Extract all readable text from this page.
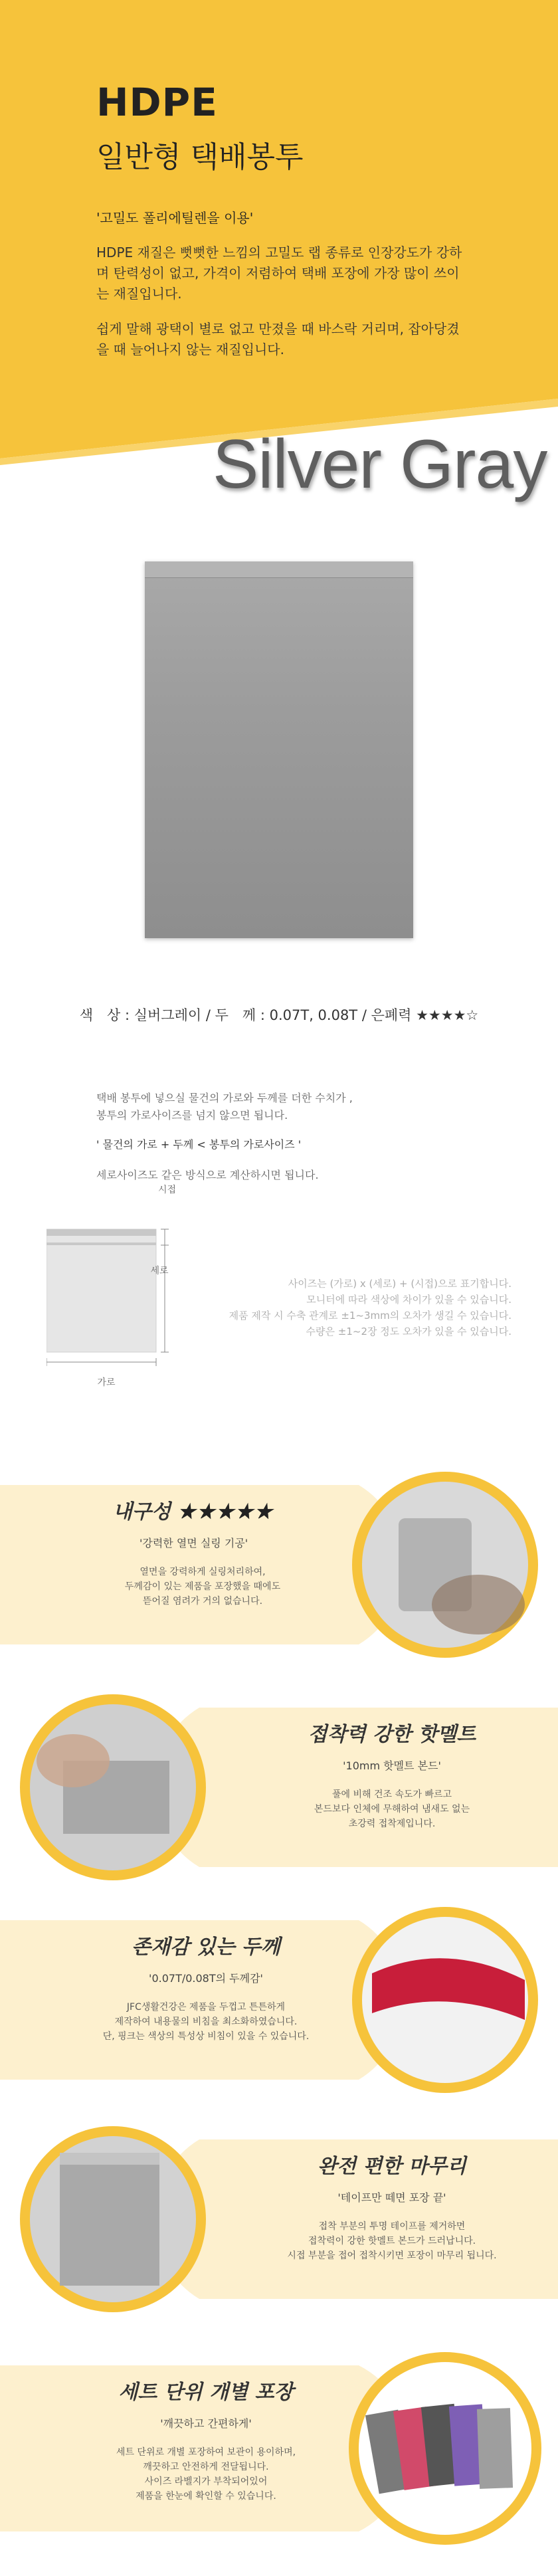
HDPE
일반형 택배봉투
'고밀도 폴리에틸렌을 이용'
HDPE 재질은 뻣뻣한 느낌의 고밀도 랩 종류로 인장강도가 강하며 탄력성이 없고, 가격이 저렴하여 택배 포장에 가장 많이 쓰이는 재질입니다.
쉽게 말해 광택이 별로 없고 만졌을 때 바스락 거리며, 잡아당겼을 때 늘어나지 않는 재질입니다.
Silver Gray
색　상 : 실버그레이 / 두　께 : 0.07T, 0.08T / 은폐력 ★★★★☆
택배 봉투에 넣으실 물건의 가로와 두께를 더한 수치가 ,
봉투의 가로사이즈를 넘지 않으면 됩니다.
' 물건의 가로 + 두께 < 봉투의 가로사이즈 '
세로사이즈도 같은 방식으로 계산하시면 됩니다.
시접
세로
가로
사이즈는 (가로) x (세로) + (시접)으로 표기합니다.
모니터에 따라 색상에 차이가 있을 수 있습니다.
제품 제작 시 수축 관계로 ±1~3mm의 오차가 생길 수 있습니다.
수량은 ±1~2장 정도 오차가 있을 수 있습니다.
내구성 ★★★★★
'강력한 열면 실링 기공'
열면을 강력하게 실링처리하여,
두께감이 있는 제품을 포장했을 때에도
뜯어질 염려가 거의 없습니다.
접착력 강한 핫멜트
'10mm 핫멜트 본드'
풀에 비해 건조 속도가 빠르고
본드보다 인체에 무해하여 냄새도 없는
초강력 접착제입니다.
존재감 있는 두께
'0.07T/0.08T의 두께감'
JFC생활건강은 제품을 두껍고 튼튼하게
제작하여 내용물의 비침을 최소화하였습니다.
단, 핑크는 색상의 특성상 비침이 있을 수 있습니다.
완전 편한 마무리
'테이프만 떼면 포장 끝'
접착 부분의 투명 테이프를 제거하면
접착력이 강한 핫멜트 본드가 드러납니다.
시접 부분을 접어 접착시키면 포장이 마무리 됩니다.
세트 단위 개별 포장
'깨끗하고 간편하게'
세트 단위로 개별 포장하여 보관이 용이하며,
깨끗하고 안전하게 전달됩니다.
사이즈 라벨지가 부착되어있어
제품을 한눈에 확인할 수 있습니다.
